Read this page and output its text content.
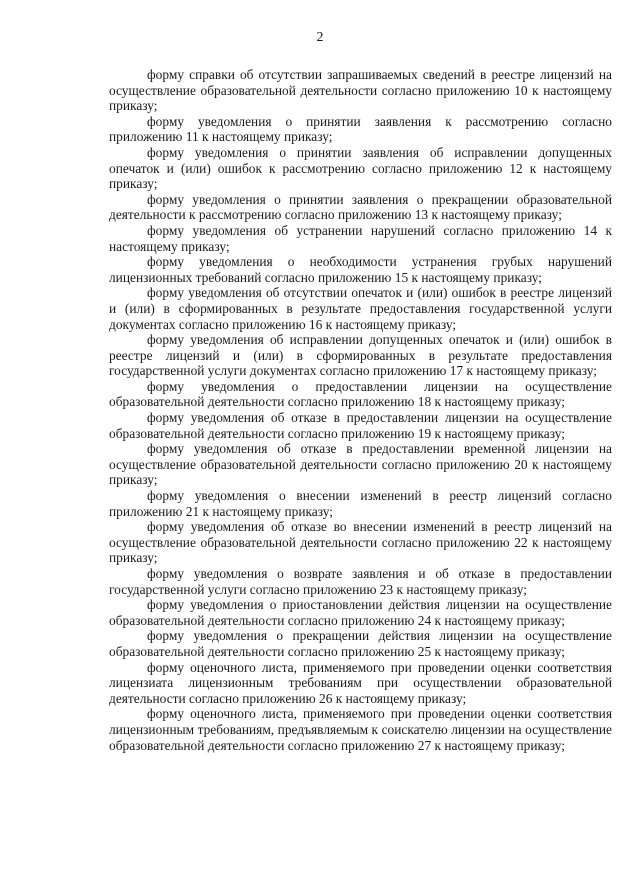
2

форму справки об отсутствии запрашиваемых сведений в реестре лицензий на осуществление образовательной деятельности согласно приложению 10 к настоящему приказу;

форму уведомления о принятии заявления к рассмотрению согласно приложению 11 к настоящему приказу;

форму уведомления о принятии заявления об исправлении допущенных опечаток и (или) ошибок к рассмотрению согласно приложению 12 к настоящему приказу;

форму уведомления о принятии заявления о прекращении образовательной деятельности к рассмотрению согласно приложению 13 к настоящему приказу;

форму уведомления об устранении нарушений согласно приложению 14 к настоящему приказу;

форму уведомления о необходимости устранения грубых нарушений лицензионных требований согласно приложению 15 к настоящему приказу;

форму уведомления об отсутствии опечаток и (или) ошибок в реестре лицензий и (или) в сформированных в результате предоставления государственной услуги документах согласно приложению 16 к настоящему приказу;

форму уведомления об исправлении допущенных опечаток и (или) ошибок в реестре лицензий и (или) в сформированных в результате предоставления государственной услуги документах согласно приложению 17 к настоящему приказу;

форму уведомления о предоставлении лицензии на осуществление образовательной деятельности согласно приложению 18 к настоящему приказу;

форму уведомления об отказе в предоставлении лицензии на осуществление образовательной деятельности согласно приложению 19 к настоящему приказу;

форму уведомления об отказе в предоставлении временной лицензии на осуществление образовательной деятельности согласно приложению 20 к настоящему приказу;

форму уведомления о внесении изменений в реестр лицензий согласно приложению 21 к настоящему приказу;

форму уведомления об отказе во внесении изменений в реестр лицензий на осуществление образовательной деятельности согласно приложению 22 к настоящему приказу;

форму уведомления о возврате заявления и об отказе в предоставлении государственной услуги согласно приложению 23 к настоящему приказу;

форму уведомления о приостановлении действия лицензии на осуществление образовательной деятельности согласно приложению 24 к настоящему приказу;

форму уведомления о прекращении действия лицензии на осуществление образовательной деятельности согласно приложению 25 к настоящему приказу;

форму оценочного листа, применяемого при проведении оценки соответствия лицензиата лицензионным требованиям при осуществлении образовательной деятельности согласно приложению 26 к настоящему приказу;

форму оценочного листа, применяемого при проведении оценки соответствия лицензионным требованиям, предъявляемым к соискателю лицензии на осуществление образовательной деятельности согласно приложению 27 к настоящему приказу;
